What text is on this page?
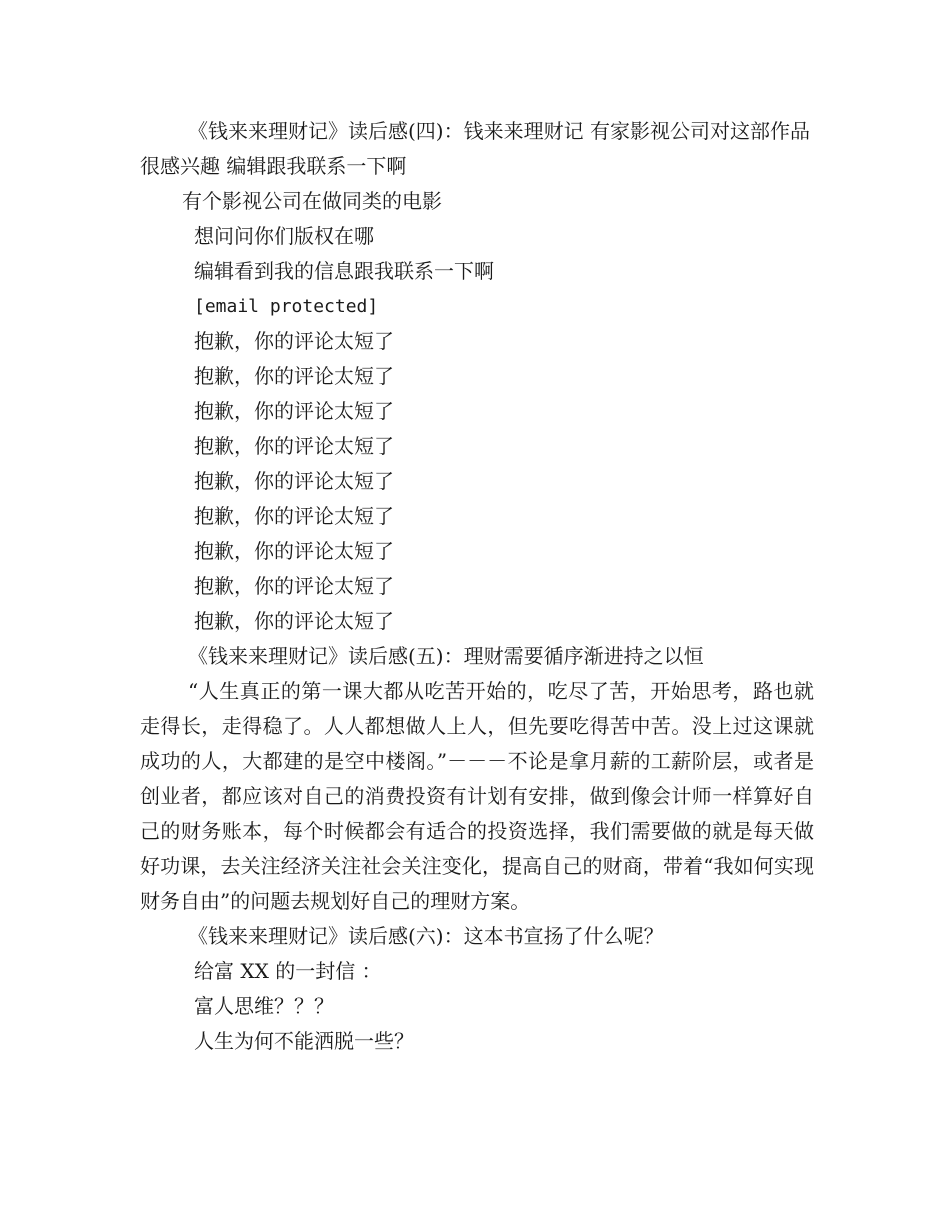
《钱来来理财记》读后感(四)：钱来来理财记 有家影视公司对这部作品很感兴趣 编辑跟我联系一下啊

有个影视公司在做同类的电影

想问问你们版权在哪

编辑看到我的信息跟我联系一下啊

[email protected]

抱歉，你的评论太短了

抱歉，你的评论太短了

抱歉，你的评论太短了

抱歉，你的评论太短了

抱歉，你的评论太短了

抱歉，你的评论太短了

抱歉，你的评论太短了

抱歉，你的评论太短了

抱歉，你的评论太短了

《钱来来理财记》读后感(五)：理财需要循序渐进持之以恒

“人生真正的第一课大都从吃苦开始的，吃尽了苦，开始思考，路也就走得长，走得稳了。人人都想做人上人，但先要吃得苦中苦。没上过这课就成功的人，大都建的是空中楼阁。”－－－不论是拿月薪的工薪阶层，或者是创业者，都应该对自己的消费投资有计划有安排，做到像会计师一样算好自己的财务账本，每个时候都会有适合的投资选择，我们需要做的就是每天做好功课，去关注经济关注社会关注变化，提高自己的财商，带着“我如何实现财务自由”的问题去规划好自己的理财方案。

《钱来来理财记》读后感(六)：这本书宣扬了什么呢？

给富 XX 的一封信 ：

富人思维？？？

人生为何不能洒脱一些？
